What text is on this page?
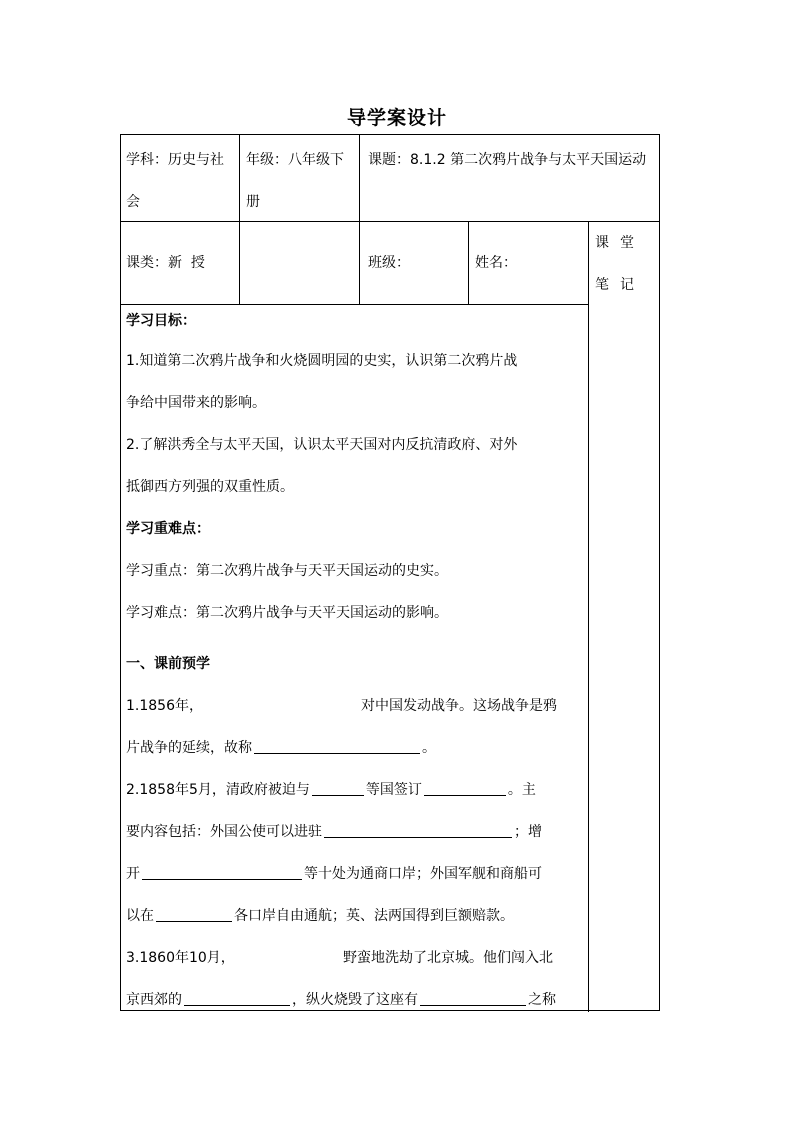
导学案设计
学科：历史与社会
年级：八年级下册
课题：8.1.2 第二次鸦片战争与太平天国运动
课类：新  授	班级：	姓名：
课堂笔记
学习目标：
1.知道第二次鸦片战争和火烧圆明园的史实，认识第二次鸦片战
争给中国带来的影响。
2.了解洪秀全与太平天国，认识太平天国对内反抗清政府、对外
抵御西方列强的双重性质。
学习重难点：
学习重点：第二次鸦片战争与天平天国运动的史实。
学习难点：第二次鸦片战争与天平天国运动的影响。
一、课前预学
1.1856年，	对中国发动战争。这场战争是鸦
片战争的延续，故称	。
2.1858年5月，清政府被迫与	等国签订	。主
要内容包括：外国公使可以进驻	；增
开	等十处为通商口岸；外国军舰和商船可
以在	各口岸自由通航；英、法两国得到巨额赔款。
3.1860年10月，	野蛮地洗劫了北京城。他们闯入北
京西郊的	，纵火烧毁了这座有	之称
